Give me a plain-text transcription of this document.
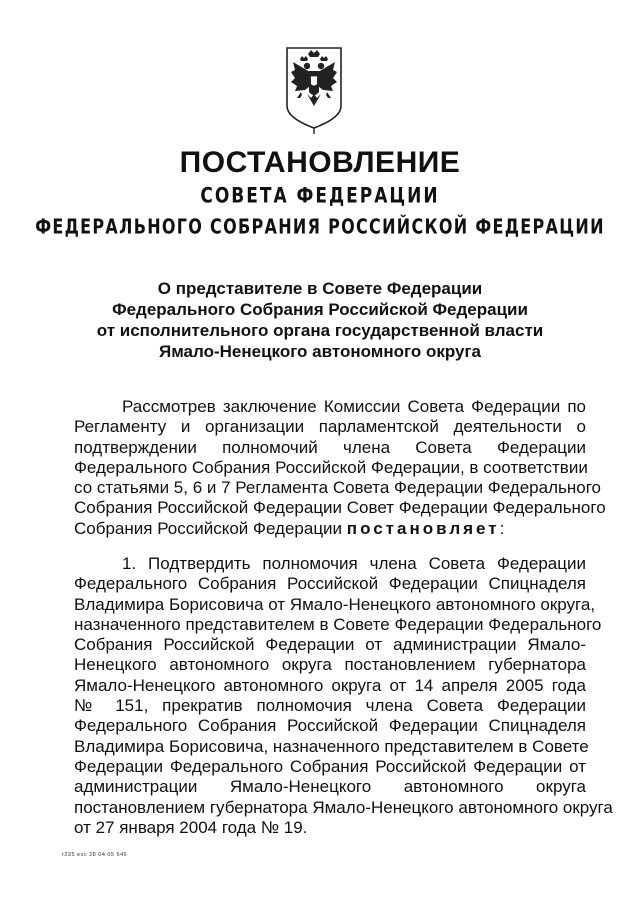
ПОСТАНОВЛЕНИЕ
СОВЕТА ФЕДЕРАЦИИ
ФЕДЕРАЛЬНОГО СОБРАНИЯ РОССИЙСКОЙ ФЕДЕРАЦИИ
О представителе в Совете Федерации
Федерального Собрания Российской Федерации
от исполнительного органа государственной власти
Ямало-Ненецкого автономного округа
Рассмотрев заключение Комиссии Совета Федерации по
Регламенту и организации парламентской деятельности о
подтверждении полномочий члена Совета Федерации
Федерального Собрания Российской Федерации, в соответствии
со статьями 5, 6 и 7 Регламента Совета Федерации Федерального
Собрания Российской Федерации Совет Федерации Федерального
Собрания Российской Федерации постановляет:
1. Подтвердить полномочия члена Совета Федерации
Федерального Собрания Российской Федерации Спицнаделя
Владимира Борисовича от Ямало-Ненецкого автономного округа,
назначенного представителем в Совете Федерации Федерального
Собрания Российской Федерации от администрации Ямало-
Ненецкого автономного округа постановлением губернатора
Ямало-Ненецкого автономного округа от 14 апреля 2005 года
№ 151, прекратив полномочия члена Совета Федерации
Федерального Собрания Российской Федерации Спицнаделя
Владимира Борисовича, назначенного представителем в Совете
Федерации Федерального Собрания Российской Федерации от
администрации Ямало-Ненецкого автономного округа
постановлением губернатора Ямало-Ненецкого автономного округа
от 27 января 2004 года № 19.
r235 esc 28 04 05 646
